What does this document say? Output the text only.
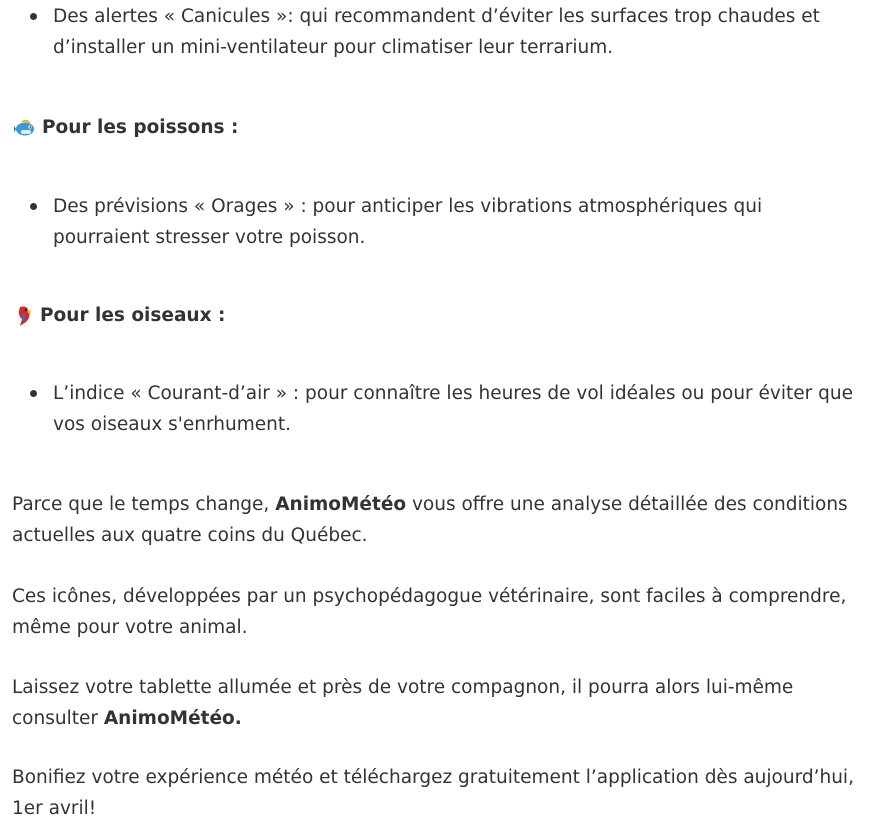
Des alertes « Canicules »: qui recommandent d’éviter les surfaces trop chaudes et d’installer un mini-ventilateur pour climatiser leur terrarium.
Pour les poissons :
Des prévisions « Orages » : pour anticiper les vibrations atmosphériques qui pourraient stresser votre poisson.
Pour les oiseaux :
L’indice « Courant-d’air » : pour connaître les heures de vol idéales ou pour éviter que vos oiseaux s'enrhument.
Parce que le temps change, AnimoMétéo vous offre une analyse détaillée des conditions actuelles aux quatre coins du Québec.
Ces icônes, développées par un psychopédagogue vétérinaire, sont faciles à comprendre, même pour votre animal.
Laissez votre tablette allumée et près de votre compagnon, il pourra alors lui-même consulter AnimoMétéo.
Bonifiez votre expérience météo et téléchargez gratuitement l’application dès aujourd’hui, 1er avril!
